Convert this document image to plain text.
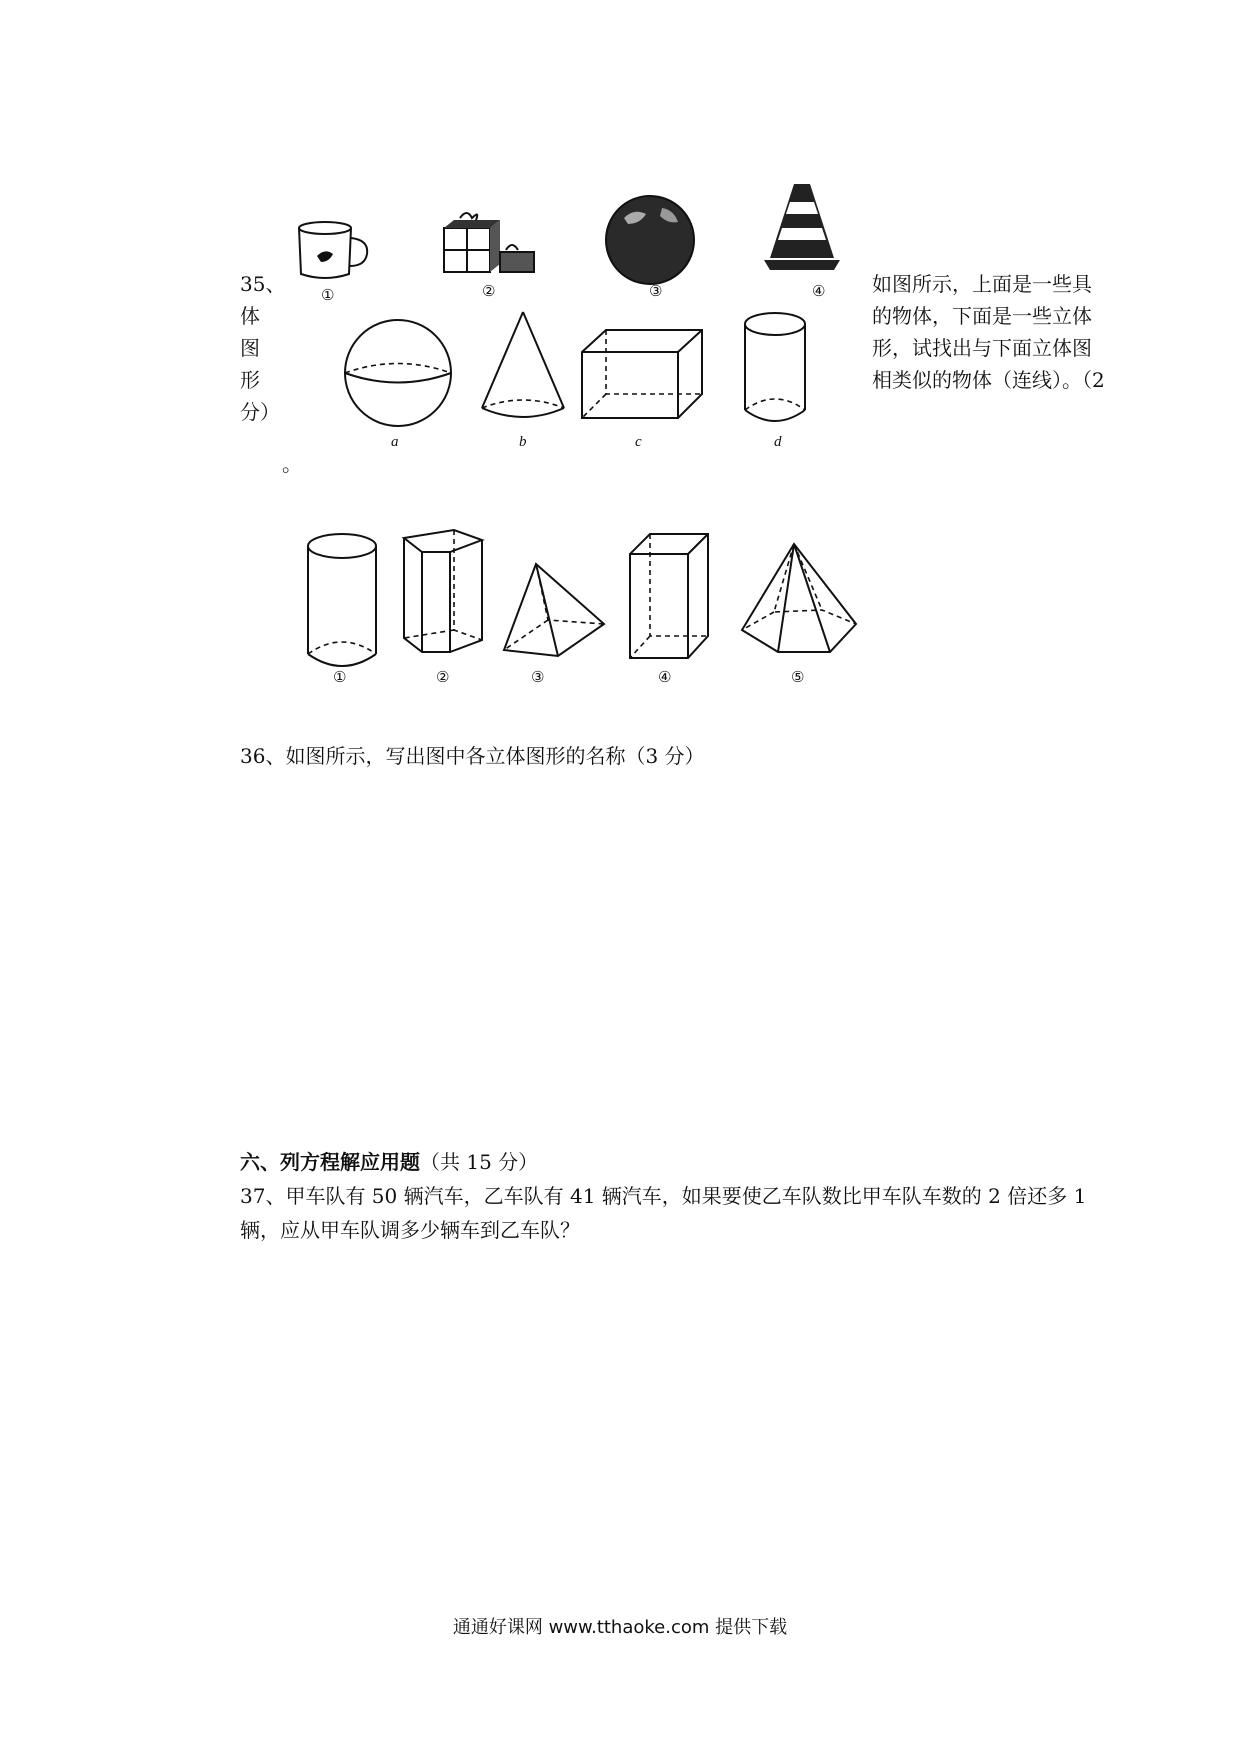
35、
体
图
形
分）
。
如图所示，上面是一些具
的物体，下面是一些立体
形，试找出与下面立体图
相类似的物体（连线）。（2
①	②	③	④
a	b	c	d
①	②	③	④	⑤
36、如图所示，写出图中各立体图形的名称（3 分）
六、列方程解应用题（共 15 分）
37、甲车队有 50 辆汽车，乙车队有 41 辆汽车，如果要使乙车队数比甲车队车数的 2 倍还多 1
辆，应从甲车队调多少辆车到乙车队？
通通好课网 www.tthaoke.com 提供下载
